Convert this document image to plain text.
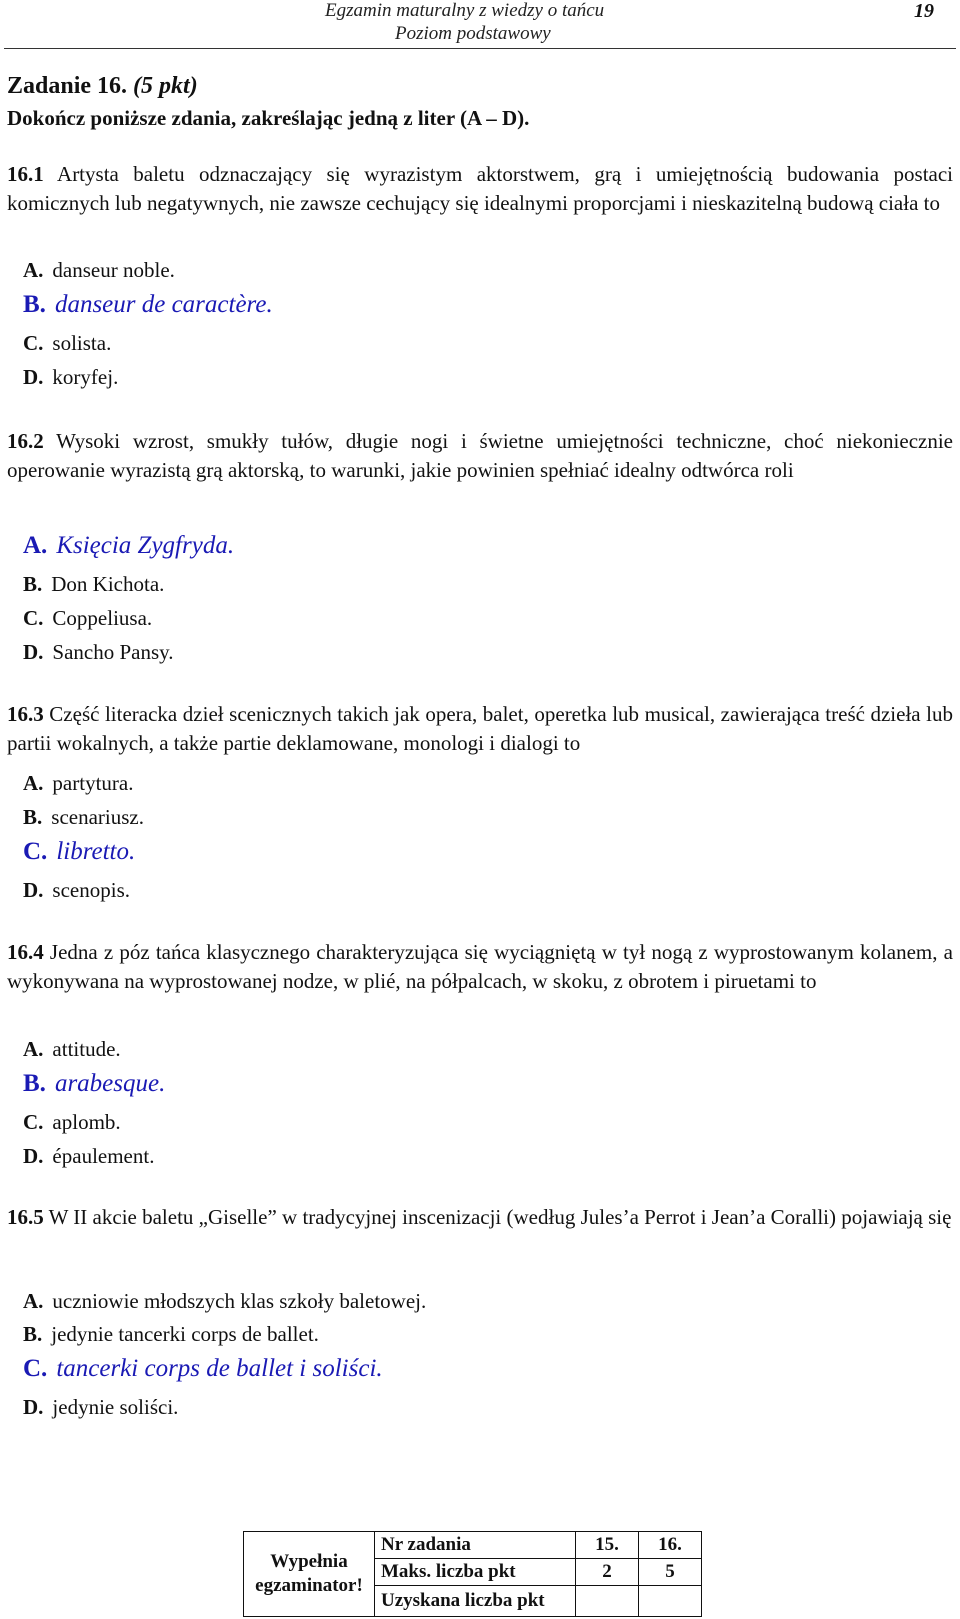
Egzamin maturalny z wiedzy o tańcu
Poziom podstawowy
19
Zadanie 16. (5 pkt)
Dokończ poniższe zdania, zakreślając jedną z liter (A – D).
16.1 Artysta baletu odznaczający się wyrazistym aktorstwem, grą i umiejętnością budowania postaci komicznych lub negatywnych, nie zawsze cechujący się idealnymi proporcjami i nieskazitelną budową ciała to
A. danseur noble.
B. danseur de caractère.
C. solista.
D. koryfej.
16.2 Wysoki wzrost, smukły tułów, długie nogi i świetne umiejętności techniczne, choć niekoniecznie operowanie wyrazistą grą aktorską, to warunki, jakie powinien spełniać idealny odtwórca roli
A. Księcia Zygfryda.
B. Don Kichota.
C. Coppeliusa.
D. Sancho Pansy.
16.3 Część literacka dzieł scenicznych takich jak opera, balet, operetka lub musical, zawierająca treść dzieła lub partii wokalnych, a także partie deklamowane, monologi i dialogi to
A. partytura.
B. scenariusz.
C. libretto.
D. scenopis.
16.4 Jedna z póz tańca klasycznego charakteryzująca się wyciągniętą w tył nogą z wyprostowanym kolanem, a wykonywana na wyprostowanej nodze, w plié, na półpalcach, w skoku, z obrotem i piruetami to
A. attitude.
B. arabesque.
C. aplomb.
D. épaulement.
16.5 W II akcie baletu „Giselle” w tradycyjnej inscenizacji (według Jules’a Perrot i Jean’a Coralli) pojawiają się
A. uczniowie młodszych klas szkoły baletowej.
B. jedynie tancerki corps de ballet.
C. tancerki corps de ballet i soliści.
D. jedynie soliści.
Wypełnia
egzaminator!	Nr zadania	15.	16.
	Maks. liczba pkt	2	5
	Uzyskana liczba pkt		
